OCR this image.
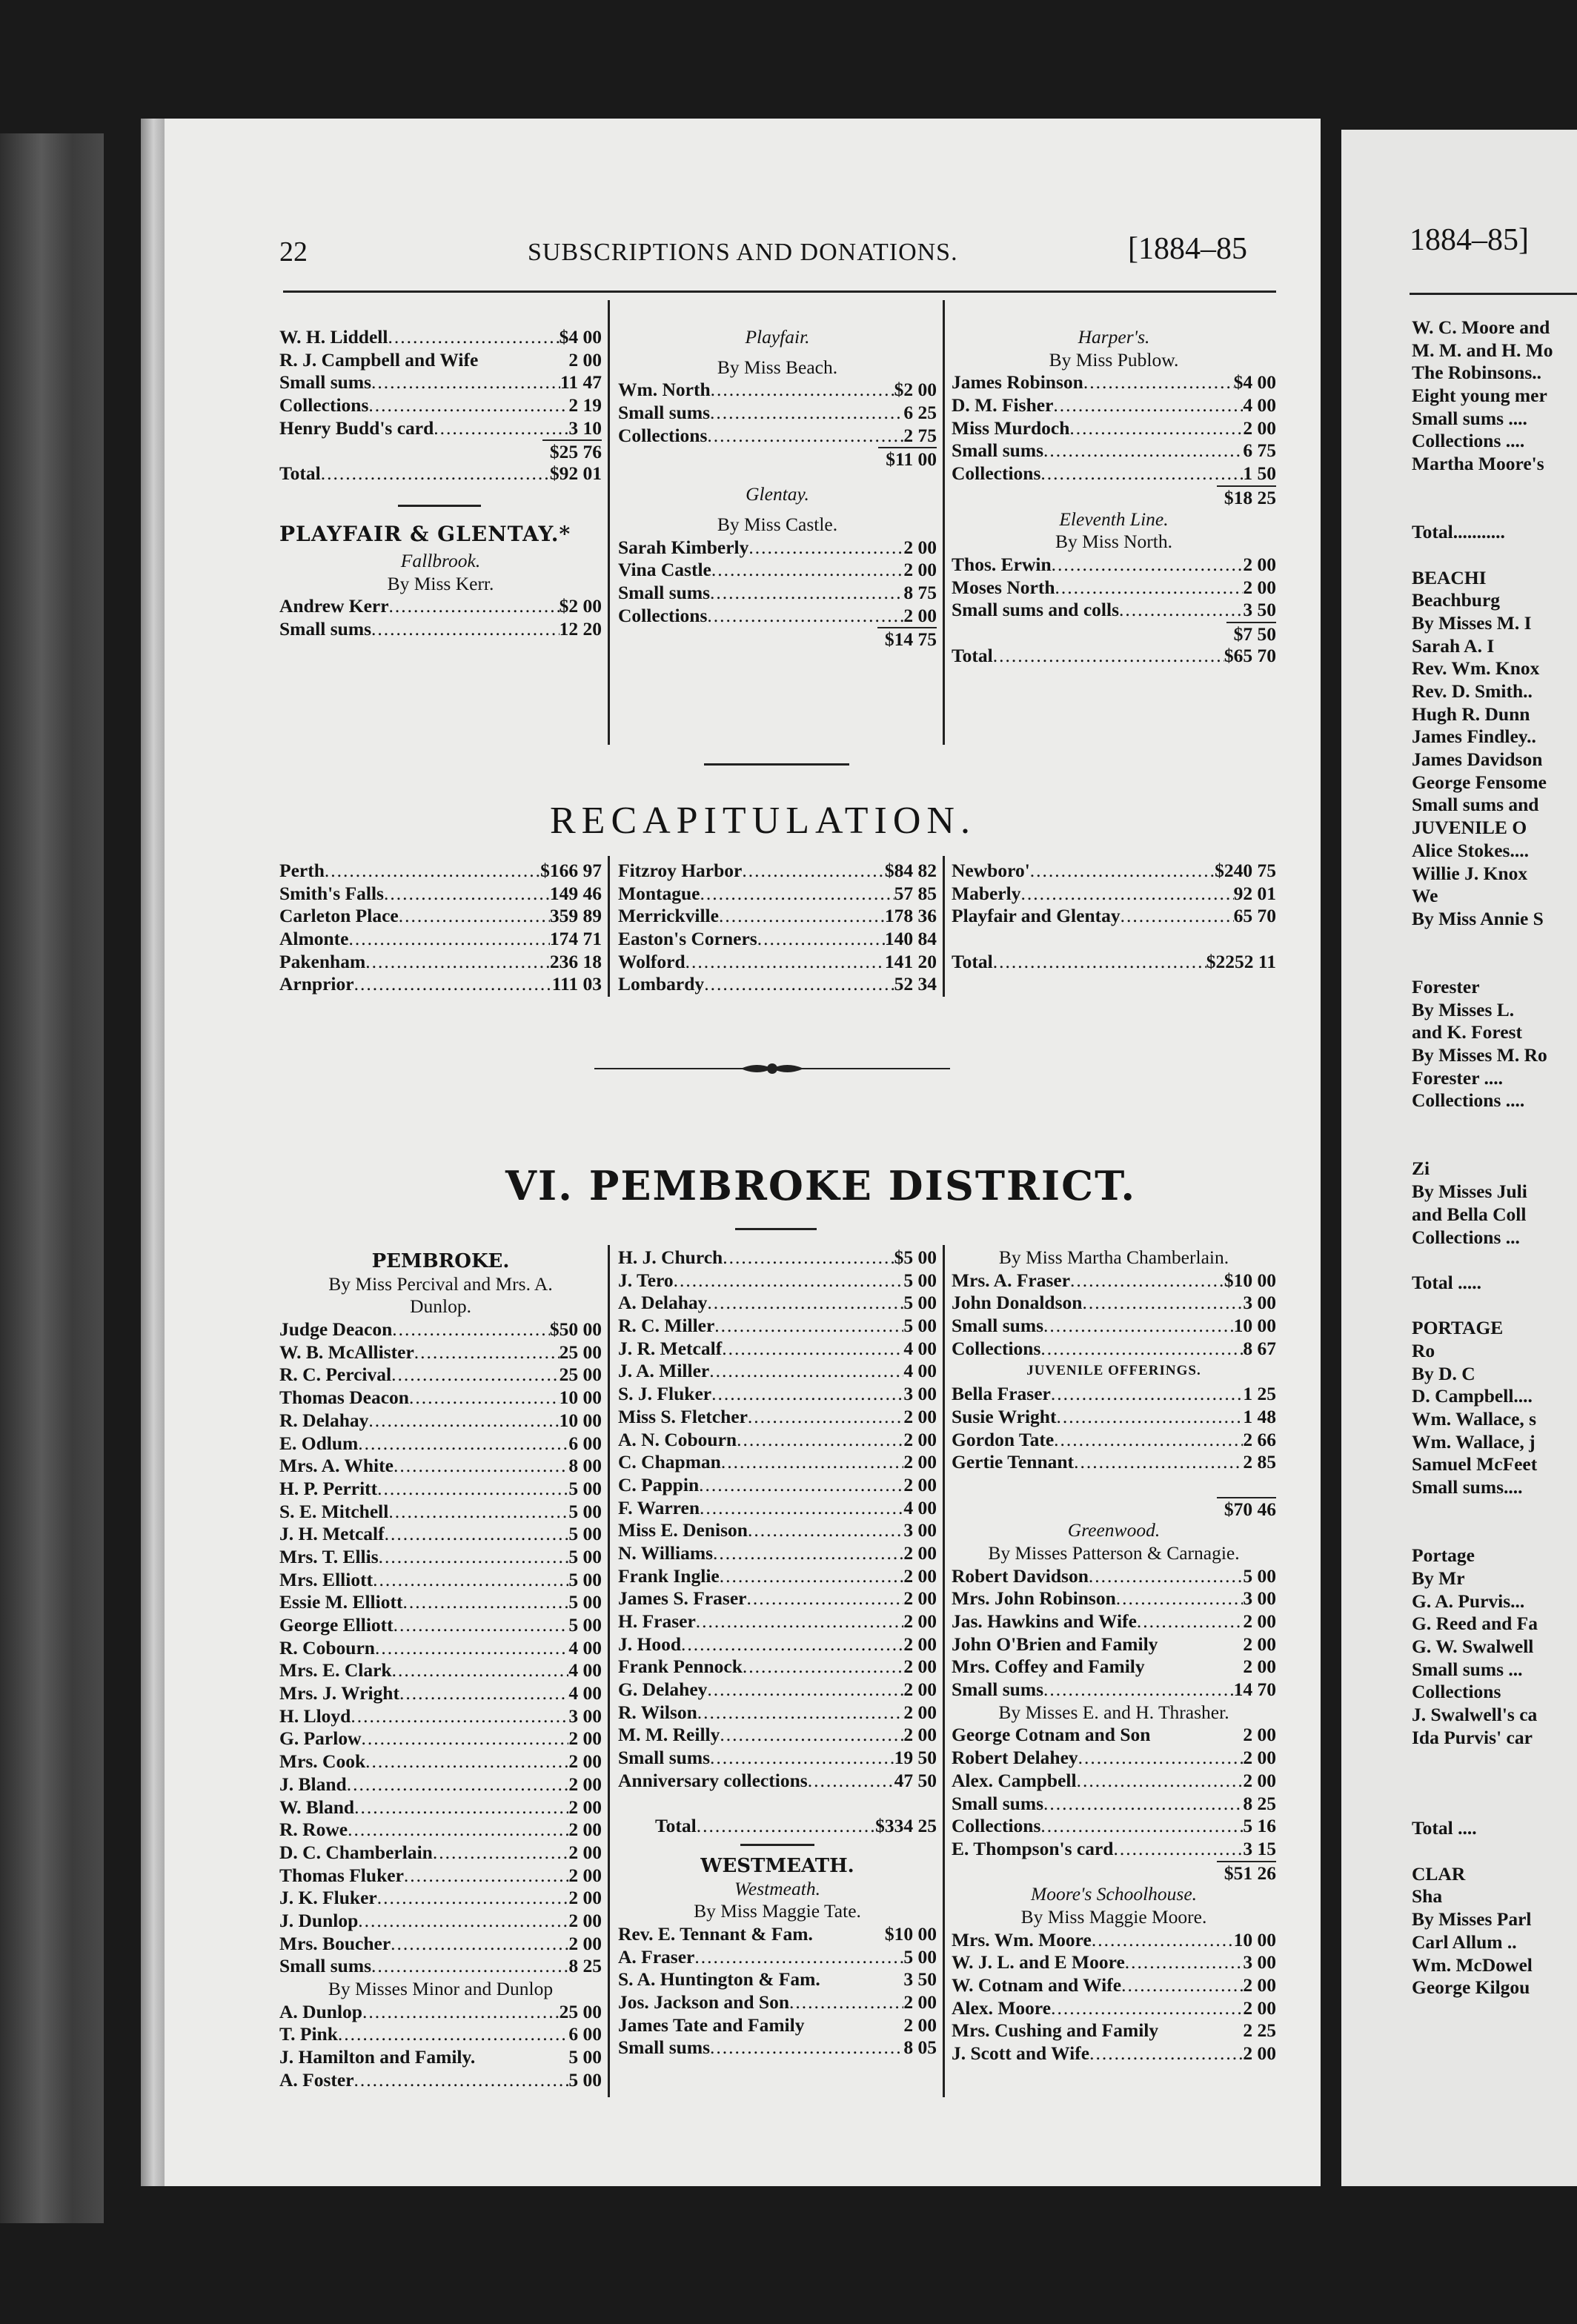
22	SUBSCRIPTIONS AND DONATIONS.	[1884–85
W. H. Liddell .....	$4 00
R. J. Campbell and Wife	2 00
Small sums .....	11 47
Collections .....	2 19
Henry Budd's card .....	3 10
$25 76
Total .....	$92 01
PLAYFAIR & GLENTAY.*
Fallbrook.
By Miss Kerr.
Andrew Kerr .....	$2 00
Small sums .....	12 20
Playfair.
By Miss Beach.
Wm. North .....	$2 00
Small sums .....	6 25
Collections .....	2 75
$11 00
Glentay.
By Miss Castle.
Sarah Kimberly .....	2 00
Vina Castle .....	2 00
Small sums .....	8 75
Collections .....	2 00
$14 75
Harper's.
By Miss Publow.
James Robinson .....	$4 00
D. M. Fisher .....	4 00
Miss Murdoch .....	2 00
Small sums .....	6 75
Collections .....	1 50
$18 25
Eleventh Line.
By Miss North.
Thos. Erwin .....	2 00
Moses North .....	2 00
Small sums and colls .....	3 50
$7 50
Total .....	$65 70
RECAPITULATION.
Perth .....	$166 97
Smith's Falls .....	149 46
Carleton Place .....	359 89
Almonte .....	174 71
Pakenham .....	236 18
Arnprior .....	111 03
Fitzroy Harbor .....	$84 82
Montague .....	57 85
Merrickville .....	178 36
Easton's Corners .....	140 84
Wolford .....	141 20
Lombardy .....	52 34
Newboro' .....	$240 75
Maberly .....	92 01
Playfair and Glentay .....	65 70
Total .....	$2252 11
VI. PEMBROKE DISTRICT.
PEMBROKE.
By Miss Percival and Mrs. A.
Dunlop.
Judge Deacon .....	$50 00
W. B. McAllister .....	25 00
R. C. Percival .....	25 00
Thomas Deacon .....	10 00
R. Delahay .....	10 00
E. Odlum .....	6 00
Mrs. A. White .....	8 00
H. P. Perritt .....	5 00
S. E. Mitchell .....	5 00
J. H. Metcalf .....	5 00
Mrs. T. Ellis .....	5 00
Mrs. Elliott .....	5 00
Essie M. Elliott .....	5 00
George Elliott .....	5 00
R. Cobourn .....	4 00
Mrs. E. Clark .....	4 00
Mrs. J. Wright .....	4 00
H. Lloyd .....	3 00
G. Parlow .....	2 00
Mrs. Cook .....	2 00
J. Bland .....	2 00
W. Bland .....	2 00
R. Rowe .....	2 00
D. C. Chamberlain .....	2 00
Thomas Fluker .....	2 00
J. K. Fluker .....	2 00
J. Dunlop .....	2 00
Mrs. Boucher .....	2 00
Small sums .....	8 25
By Misses Minor and Dunlop
A. Dunlop .....	25 00
T. Pink .....	6 00
J. Hamilton and Family.	5 00
A. Foster .....	5 00
H. J. Church .....	$5 00
J. Tero .....	5 00
A. Delahay .....	5 00
R. C. Miller .....	5 00
J. R. Metcalf .....	4 00
J. A. Miller .....	4 00
S. J. Fluker .....	3 00
Miss S. Fletcher .....	2 00
A. N. Cobourn .....	2 00
C. Chapman .....	2 00
C. Pappin .....	2 00
F. Warren .....	4 00
Miss E. Denison .....	3 00
N. Williams .....	2 00
Frank Inglie .....	2 00
James S. Fraser .....	2 00
H. Fraser .....	2 00
J. Hood .....	2 00
Frank Pennock .....	2 00
G. Delahey .....	2 00
R. Wilson .....	2 00
M. M. Reilly .....	2 00
Small sums .....	19 50
Anniversary collections .....	47 50
Total .....	$334 25
WESTMEATH.
Westmeath.
By Miss Maggie Tate.
Rev. E. Tennant & Fam.	$10 00
A. Fraser .....	5 00
S. A. Huntington & Fam.	3 50
Jos. Jackson and Son .....	2 00
James Tate and Family	2 00
Small sums .....	8 05
By Miss Martha Chamberlain.
Mrs. A. Fraser .....	$10 00
John Donaldson .....	3 00
Small sums .....	10 00
Collections .....	8 67
JUVENILE OFFERINGS.
Bella Fraser .....	1 25
Susie Wright .....	1 48
Gordon Tate .....	2 66
Gertie Tennant .....	2 85
$70 46
Greenwood.
By Misses Patterson & Carnagie.
Robert Davidson .....	5 00
Mrs. John Robinson .....	3 00
Jas. Hawkins and Wife .....	2 00
John O'Brien and Family	2 00
Mrs. Coffey and Family	2 00
Small sums .....	14 70
By Misses E. and H. Thrasher.
George Cotnam and Son	2 00
Robert Delahey .....	2 00
Alex. Campbell .....	2 00
Small sums .....	8 25
Collections .....	5 16
E. Thompson's card .....	3 15
$51 26
Moore's Schoolhouse.
By Miss Maggie Moore.
Mrs. Wm. Moore .....	10 00
W. J. L. and E Moore .....	3 00
W. Cotnam and Wife .....	2 00
Alex. Moore .....	2 00
Mrs. Cushing and Family	2 25
J. Scott and Wife .....	2 00
1884–85]
W. C. Moore and
M. M. and H. Mo
The Robinsons..
Eight young mer
Small sums ....
Collections ....
Martha Moore's
Total...........
BEACHI
Beachburg
By Misses M. I
Sarah A. I
Rev. Wm. Knox
Rev. D. Smith..
Hugh R. Dunn
James Findley..
James Davidson
George Fensome
Small sums and
JUVENILE O
Alice Stokes....
Willie J. Knox
We
By Miss Annie S
Forester
By Misses L.
and K. Forest
By Misses M. Ro
Forester ....
Collections ....
Zi
By Misses Juli
and Bella Coll
Collections ...
Total .....
PORTAGE
Ro
By D. C
D. Campbell....
Wm. Wallace, s
Wm. Wallace, j
Samuel McFeet
Small sums....
Portage
By Mr
G. A. Purvis...
G. Reed and Fa
G. W. Swalwell
Small sums ...
Collections
J. Swalwell's ca
Ida Purvis' car
Total ....
CLAR
Sha
By Misses Parl
Carl Allum ..
Wm. McDowel
George Kilgou
